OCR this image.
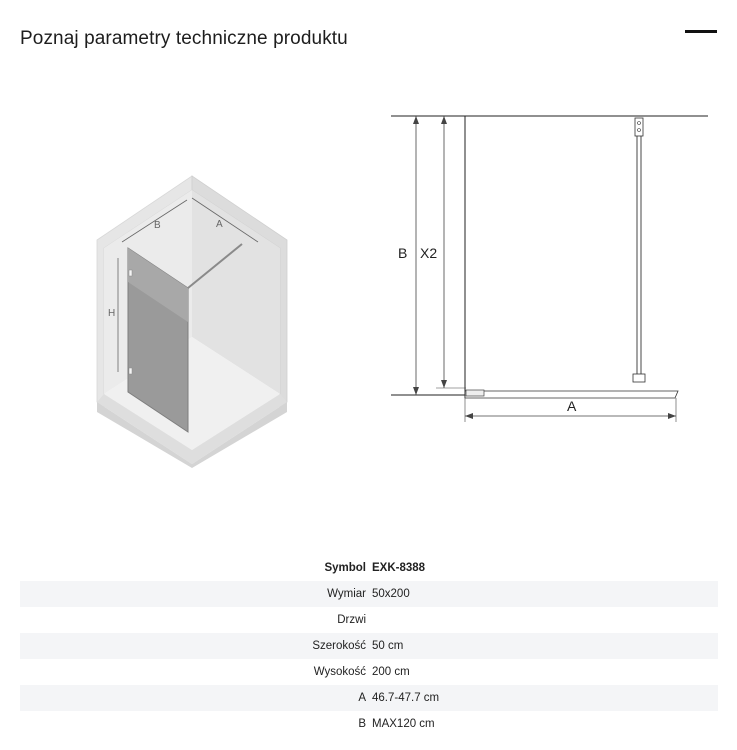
Poznaj parametry techniczne produktu
B	A
H
B X2
A
Symbol	EXK-8388
Wymiar	50x200
Drzwi	
Szerokość	50 cm
Wysokość	200 cm
A	46.7-47.7 cm
B	MAX120 cm
